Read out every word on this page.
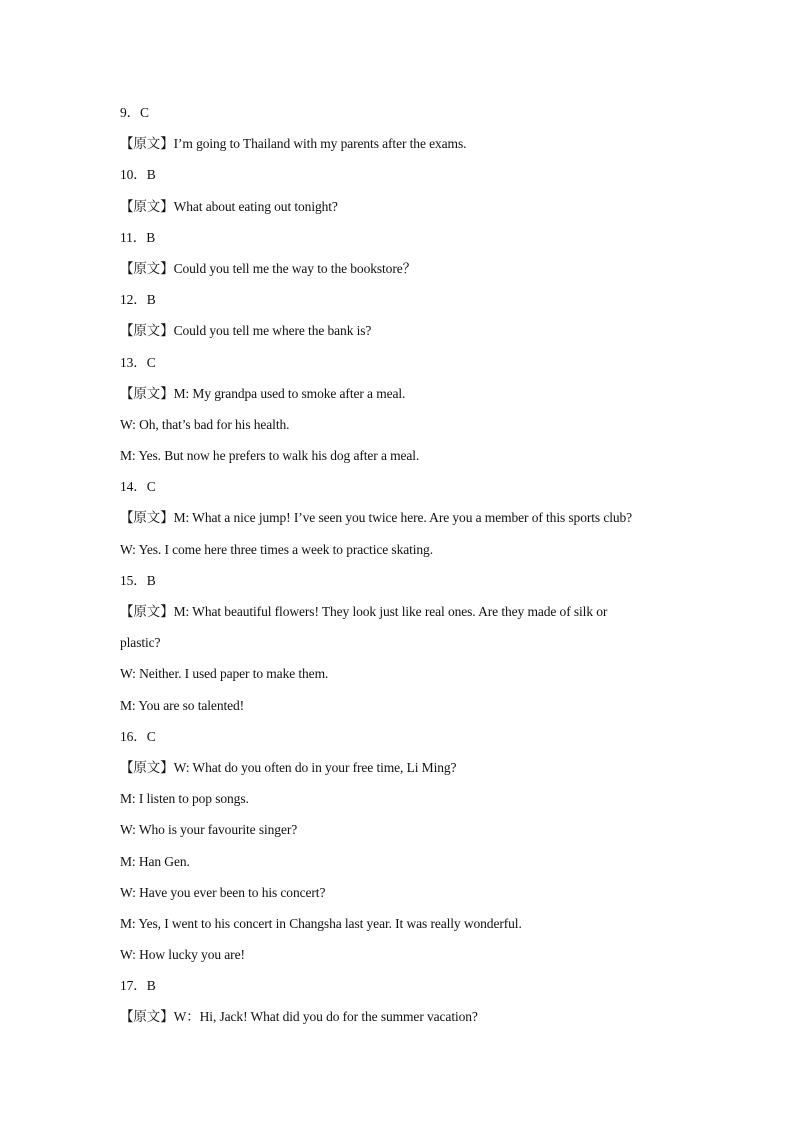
9．C
【原文】I’m going to Thailand with my parents after the exams.
10．B
【原文】What about eating out tonight?
11．B
【原文】Could you tell me the way to the bookstore？
12．B
【原文】Could you tell me where the bank is?
13．C
【原文】M: My grandpa used to smoke after a meal.
W: Oh, that’s bad for his health.
M: Yes. But now he prefers to walk his dog after a meal.
14．C
【原文】M: What a nice jump! I’ve seen you twice here. Are you a member of this sports club?
W: Yes. I come here three times a week to practice skating.
15．B
【原文】M: What beautiful flowers! They look just like real ones. Are they made of silk or
plastic?
W: Neither. I used paper to make them.
M: You are so talented!
16．C
【原文】W: What do you often do in your free time, Li Ming?
M: I listen to pop songs.
W: Who is your favourite singer?
M: Han Gen.
W: Have you ever been to his concert?
M: Yes, I went to his concert in Changsha last year. It was really wonderful.
W: How lucky you are!
17．B
【原文】W：Hi, Jack! What did you do for the summer vacation?
